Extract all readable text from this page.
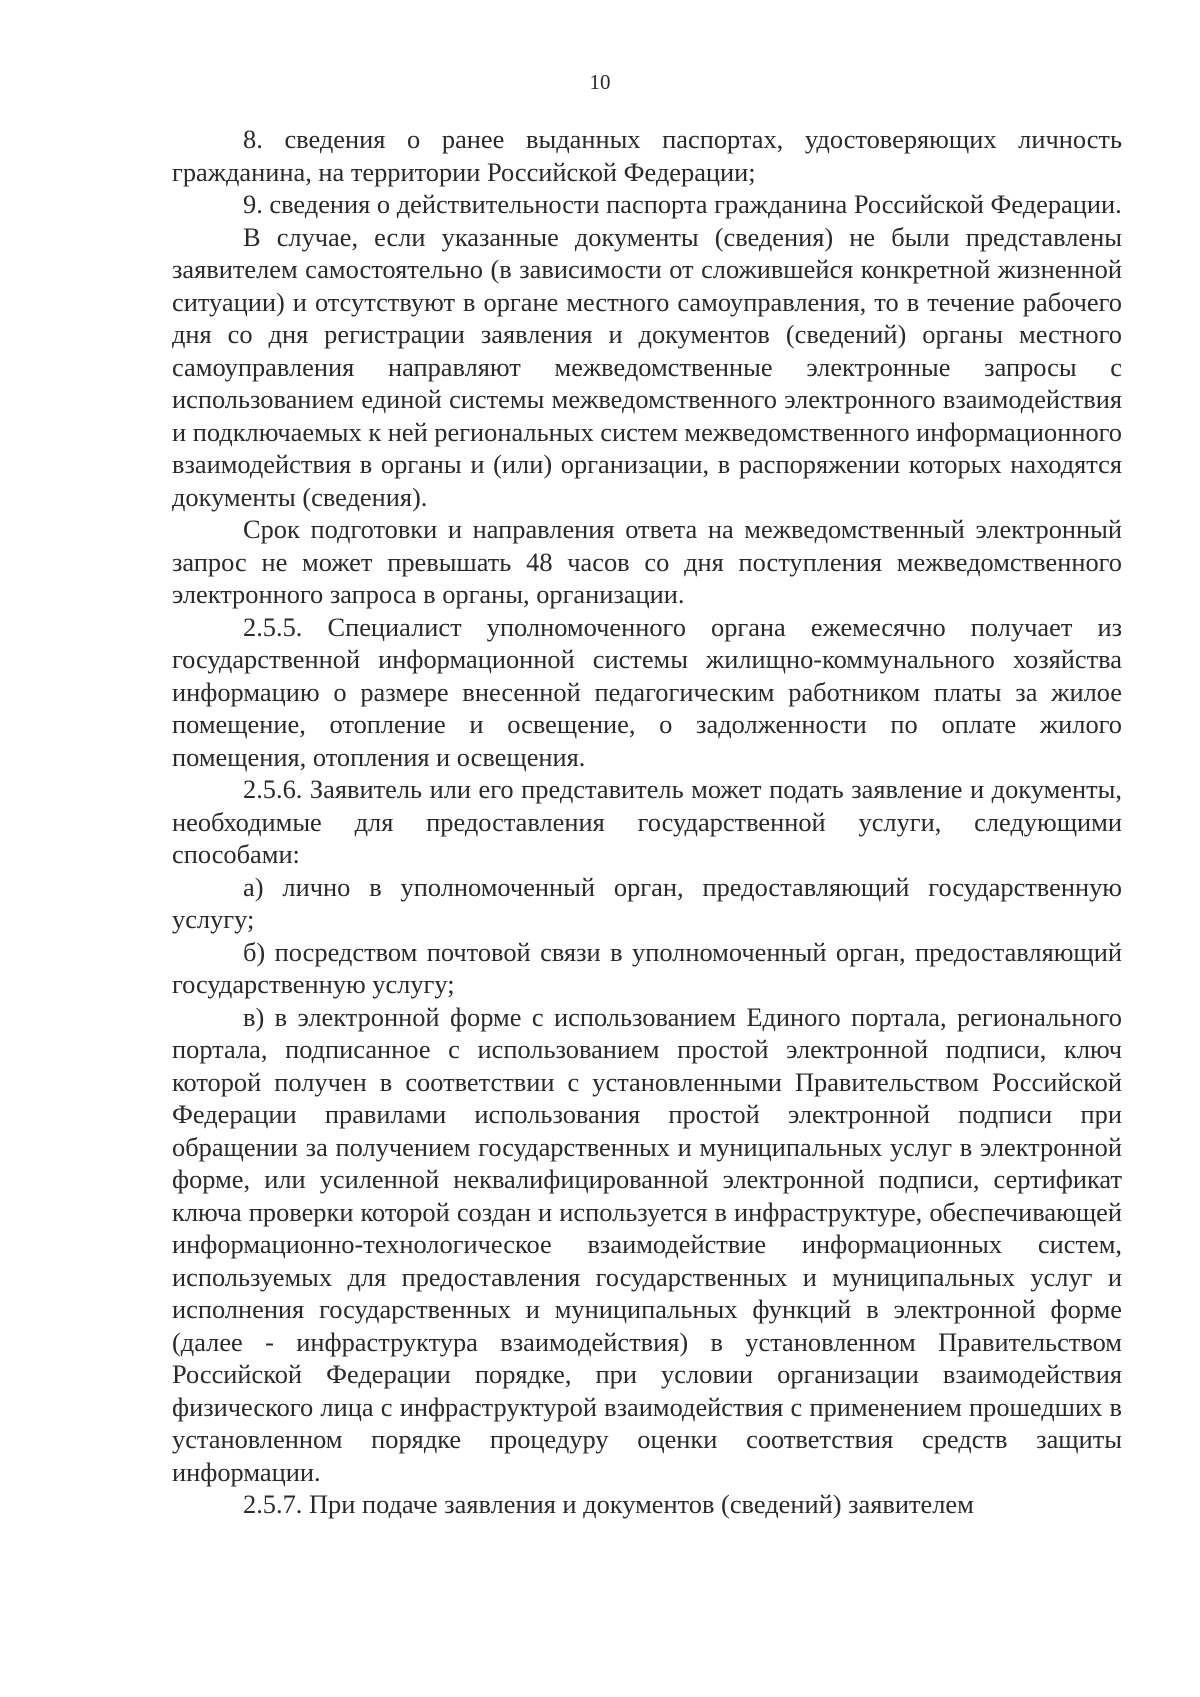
10

8. сведения о ранее выданных паспортах, удостоверяющих личность гражданина, на территории Российской Федерации;

9. сведения о действительности паспорта гражданина Российской Федерации.

В случае, если указанные документы (сведения) не были представлены заявителем самостоятельно (в зависимости от сложившейся конкретной жизненной ситуации) и отсутствуют в органе местного самоуправления, то в течение рабочего дня со дня регистрации заявления и документов (сведений) органы местного самоуправления направляют межведомственные электронные запросы с использованием единой системы межведомственного электронного взаимодействия и подключаемых к ней региональных систем межведомственного информационного взаимодействия в органы и (или) организации, в распоряжении которых находятся документы (сведения).

Срок подготовки и направления ответа на межведомственный электронный запрос не может превышать 48 часов со дня поступления межведомственного электронного запроса в органы, организации.

2.5.5. Специалист уполномоченного органа ежемесячно получает из государственной информационной системы жилищно-коммунального хозяйства информацию о размере внесенной педагогическим работником платы за жилое помещение, отопление и освещение, о задолженности по оплате жилого помещения, отопления и освещения.

2.5.6. Заявитель или его представитель может подать заявление и документы, необходимые для предоставления государственной услуги, следующими способами:

а) лично в уполномоченный орган, предоставляющий государственную услугу;

б) посредством почтовой связи в уполномоченный орган, предоставляющий государственную услугу;

в) в электронной форме с использованием Единого портала, регионального портала, подписанное с использованием простой электронной подписи, ключ которой получен в соответствии с установленными Правительством Российской Федерации правилами использования простой электронной подписи при обращении за получением государственных и муниципальных услуг в электронной форме, или усиленной неквалифицированной электронной подписи, сертификат ключа проверки которой создан и используется в инфраструктуре, обеспечивающей информационно-технологическое взаимодействие информационных систем, используемых для предоставления государственных и муниципальных услуг и исполнения государственных и муниципальных функций в электронной форме (далее - инфраструктура взаимодействия) в установленном Правительством Российской Федерации порядке, при условии организации взаимодействия физического лица с инфраструктурой взаимодействия с применением прошедших в установленном порядке процедуру оценки соответствия средств защиты информации.

2.5.7. При подаче заявления и документов (сведений) заявителем
